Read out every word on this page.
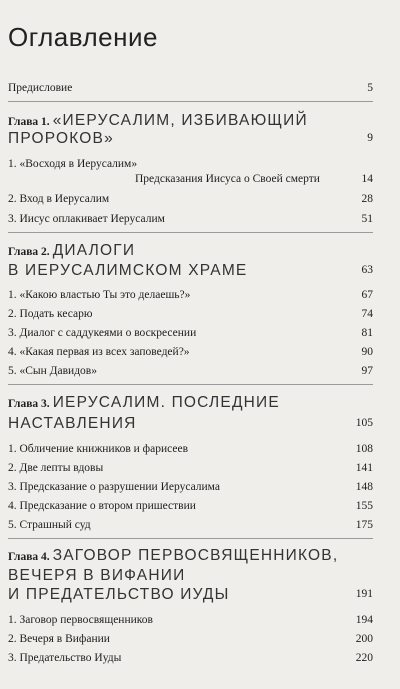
Оглавление
Предисловие	5
Глава 1. «ИЕРУСАЛИМ, ИЗБИВАЮЩИЙ
ПРОРОКОВ»	9
1. «Восходя в Иерусалим»
Предсказания Иисуса о Своей смерти	14
2. Вход в Иерусалим	28
3. Иисус оплакивает Иерусалим	51
Глава 2. ДИАЛОГИ
В ИЕРУСАЛИМСКОМ ХРАМЕ	63
1. «Какою властью Ты это делаешь?»	67
2. Подать кесарю	74
3. Диалог с саддукеями о воскресении	81
4. «Какая первая из всех заповедей?»	90
5. «Сын Давидов»	97
Глава 3. ИЕРУСАЛИМ. ПОСЛЕДНИЕ
НАСТАВЛЕНИЯ	105
1. Обличение книжников и фарисеев	108
2. Две лепты вдовы	141
3. Предсказание о разрушении Иерусалима	148
4. Предсказание о втором пришествии	155
5. Страшный суд	175
Глава 4. ЗАГОВОР ПЕРВОСВЯЩЕННИКОВ,
ВЕЧЕРЯ В ВИФАНИИ
И ПРЕДАТЕЛЬСТВО ИУДЫ	191
1. Заговор первосвященников	194
2. Вечеря в Вифании	200
3. Предательство Иуды	220
